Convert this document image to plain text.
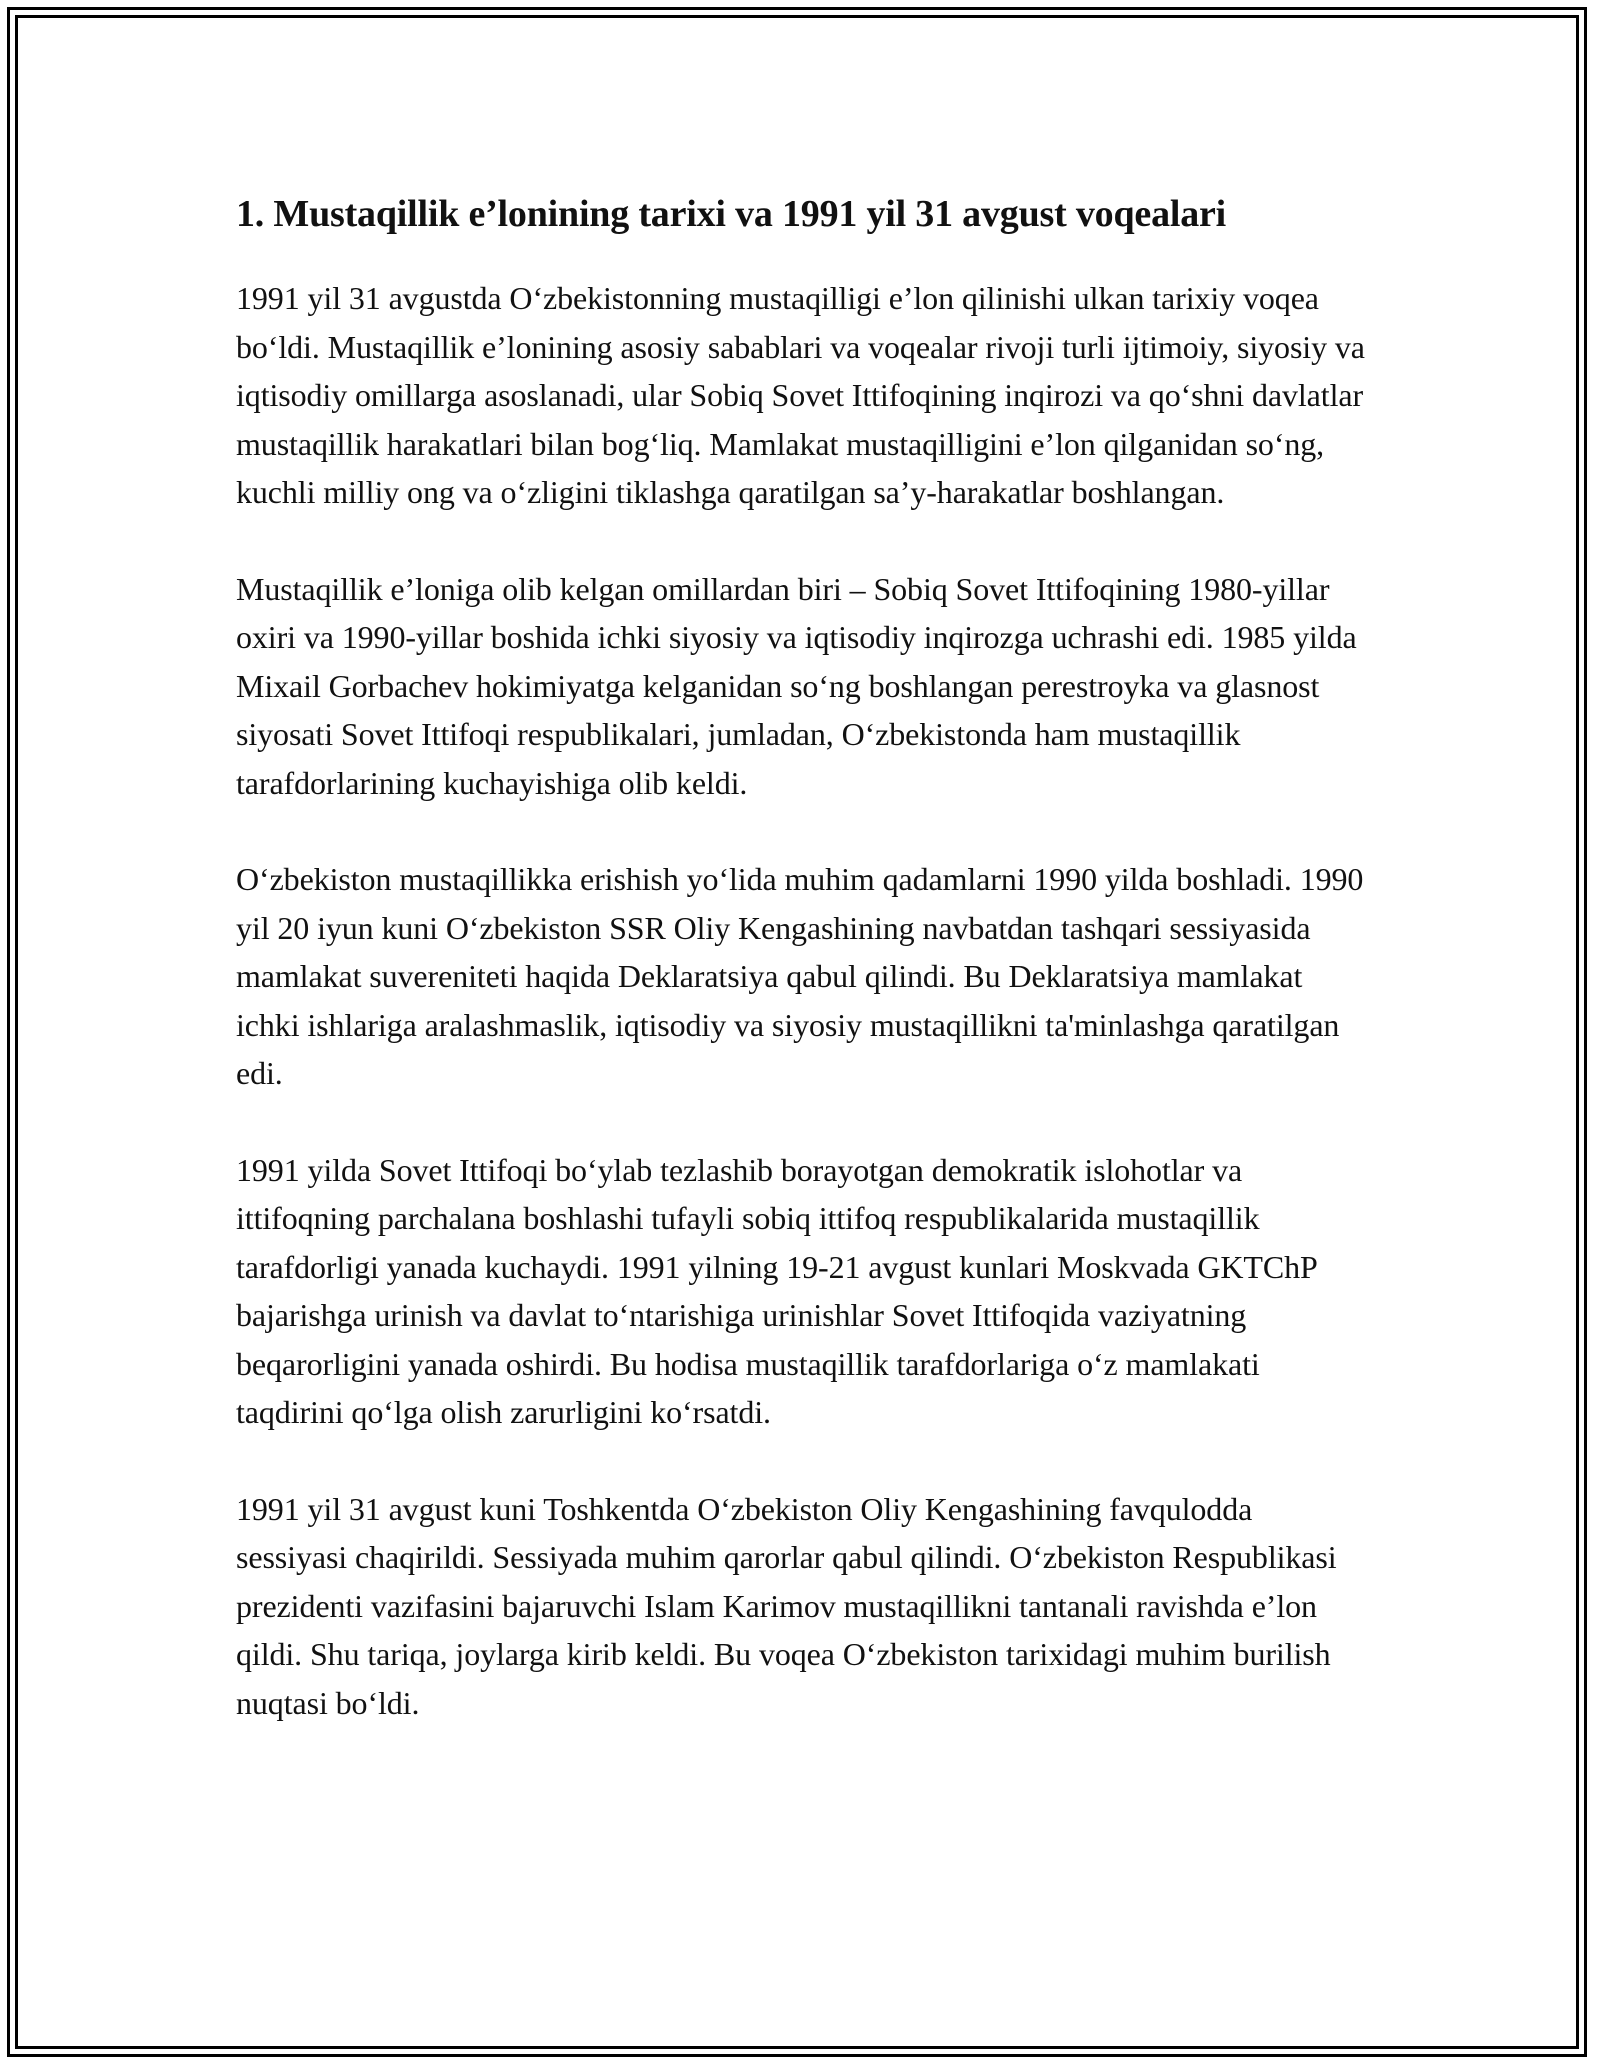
1. Mustaqillik e’lonining tarixi va 1991 yil 31 avgust voqealari

1991 yil 31 avgustda O‘zbekistonning mustaqilligi e’lon qilinishi ulkan tarixiy voqea bo‘ldi. Mustaqillik e’lonining asosiy sabablari va voqealar rivoji turli ijtimoiy, siyosiy va iqtisodiy omillarga asoslanadi, ular Sobiq Sovet Ittifoqining inqirozi va qo‘shni davlatlar mustaqillik harakatlari bilan bog‘liq. Mamlakat mustaqilligini e’lon qilganidan so‘ng, kuchli milliy ong va o‘zligini tiklashga qaratilgan sa’y-harakatlar boshlangan.

Mustaqillik e’loniga olib kelgan omillardan biri – Sobiq Sovet Ittifoqining 1980-yillar oxiri va 1990-yillar boshida ichki siyosiy va iqtisodiy inqirozga uchrashi edi. 1985 yilda Mixail Gorbachev hokimiyatga kelganidan so‘ng boshlangan perestroyka va glasnost siyosati Sovet Ittifoqi respublikalari, jumladan, O‘zbekistonda ham mustaqillik tarafdorlarining kuchayishiga olib keldi.

O‘zbekiston mustaqillikka erishish yo‘lida muhim qadamlarni 1990 yilda boshladi. 1990 yil 20 iyun kuni O‘zbekiston SSR Oliy Kengashining navbatdan tashqari sessiyasida mamlakat suvereniteti haqida Deklaratsiya qabul qilindi. Bu Deklaratsiya mamlakat ichki ishlariga aralashmaslik, iqtisodiy va siyosiy mustaqillikni ta'minlashga qaratilgan edi.

1991 yilda Sovet Ittifoqi bo‘ylab tezlashib borayotgan demokratik islohotlar va ittifoqning parchalana boshlashi tufayli sobiq ittifoq respublikalarida mustaqillik tarafdorligi yanada kuchaydi. 1991 yilning 19-21 avgust kunlari Moskvada GKTChP bajarishga urinish va davlat to‘ntarishiga urinishlar Sovet Ittifoqida vaziyatning beqarorligini yanada oshirdi. Bu hodisa mustaqillik tarafdorlariga o‘z mamlakati taqdirini qo‘lga olish zarurligini ko‘rsatdi.

1991 yil 31 avgust kuni Toshkentda O‘zbekiston Oliy Kengashining favqulodda sessiyasi chaqirildi. Sessiyada muhim qarorlar qabul qilindi. O‘zbekiston Respublikasi prezidenti vazifasini bajaruvchi Islam Karimov mustaqillikni tantanali ravishda e’lon qildi. Shu tariqa, joylarga kirib keldi. Bu voqea O‘zbekiston tarixidagi muhim burilish nuqtasi bo‘ldi.
